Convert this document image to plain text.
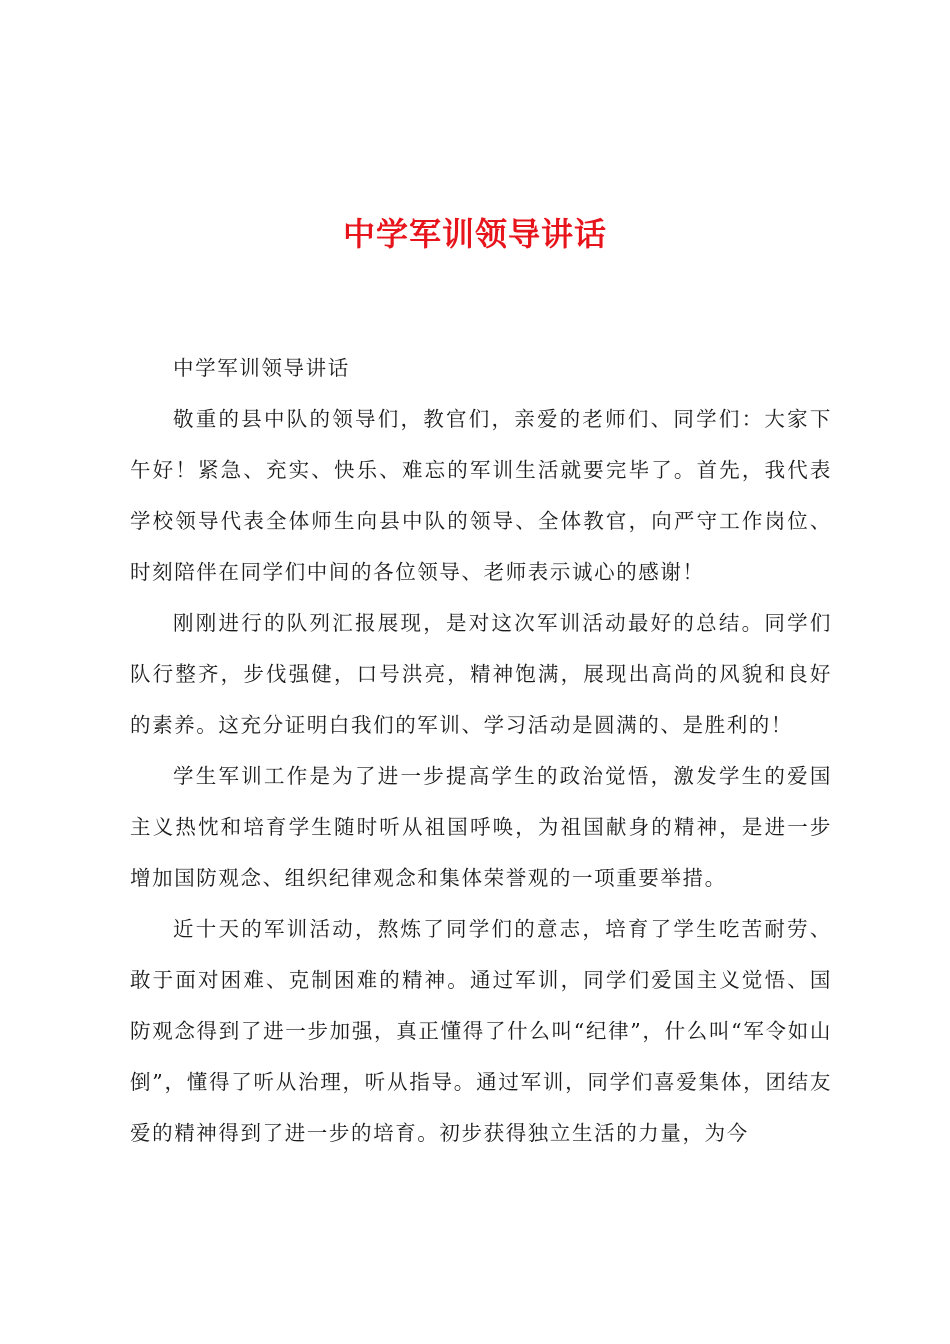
中学军训领导讲话

中学军训领导讲话

敬重的县中队的领导们，教官们，亲爱的老师们、同学们：大家下午好！紧急、充实、快乐、难忘的军训生活就要完毕了。首先，我代表学校领导代表全体师生向县中队的领导、全体教官，向严守工作岗位、时刻陪伴在同学们中间的各位领导、老师表示诚心的感谢！

刚刚进行的队列汇报展现，是对这次军训活动最好的总结。同学们队行整齐，步伐强健，口号洪亮，精神饱满，展现出高尚的风貌和良好的素养。这充分证明白我们的军训、学习活动是圆满的、是胜利的！

学生军训工作是为了进一步提高学生的政治觉悟，激发学生的爱国主义热忱和培育学生随时听从祖国呼唤，为祖国献身的精神，是进一步增加国防观念、组织纪律观念和集体荣誉观的一项重要举措。

近十天的军训活动，熬炼了同学们的意志，培育了学生吃苦耐劳、敢于面对困难、克制困难的精神。通过军训，同学们爱国主义觉悟、国防观念得到了进一步加强，真正懂得了什么叫“纪律”，什么叫“军令如山倒”，懂得了听从治理，听从指导。通过军训，同学们喜爱集体，团结友爱的精神得到了进一步的培育。初步获得独立生活的力量，为今
